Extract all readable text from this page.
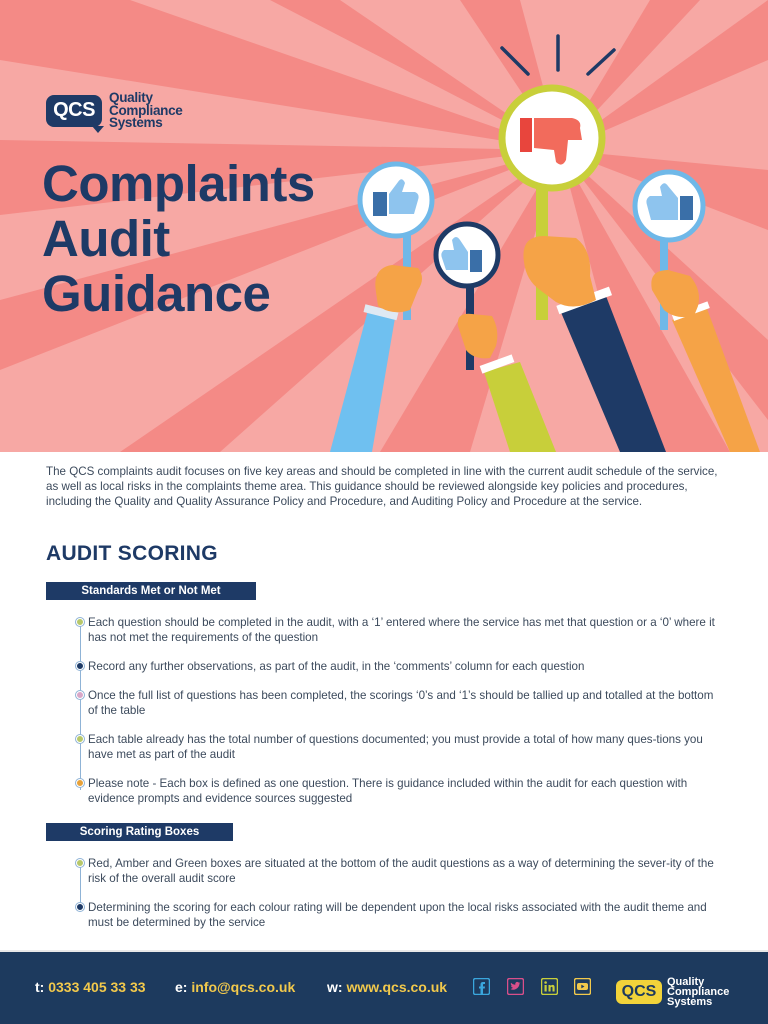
QCS
Quality
Compliance
Systems
Complaints
Audit
Guidance

The QCS complaints audit focuses on five key areas and should be completed in line with the current audit schedule of the service, as well as local risks in the complaints theme area. This guidance should be reviewed alongside key policies and procedures, including the Quality and Quality Assurance Policy and Procedure, and Auditing Policy and Procedure at the service.

AUDIT SCORING
Standards Met or Not Met
Each question should be completed in the audit, with a ‘1’ entered where the service has met that question or a ‘0’ where it has not met the requirements of the question
Record any further observations, as part of the audit, in the ‘comments’ column for each question
Once the full list of questions has been completed, the scorings ‘0’s and ‘1’s should be tallied up and totalled at the bottom of the table
Each table already has the total number of questions documented; you must provide a total of how many ques-tions you have met as part of the audit
Please note - Each box is defined as one question. There is guidance included within the audit for each question with evidence prompts and evidence sources suggested
Scoring Rating Boxes
Red, Amber and Green boxes are situated at the bottom of the audit questions as a way of determining the sever-ity of the risk of the overall audit score
Determining the scoring for each colour rating will be dependent upon the local risks associated with the audit theme and must be determined by the service
t: 0333 405 33 33 e: info@qcs.co.uk w: www.qcs.co.uk	QCS
Quality
Compliance
Systems
